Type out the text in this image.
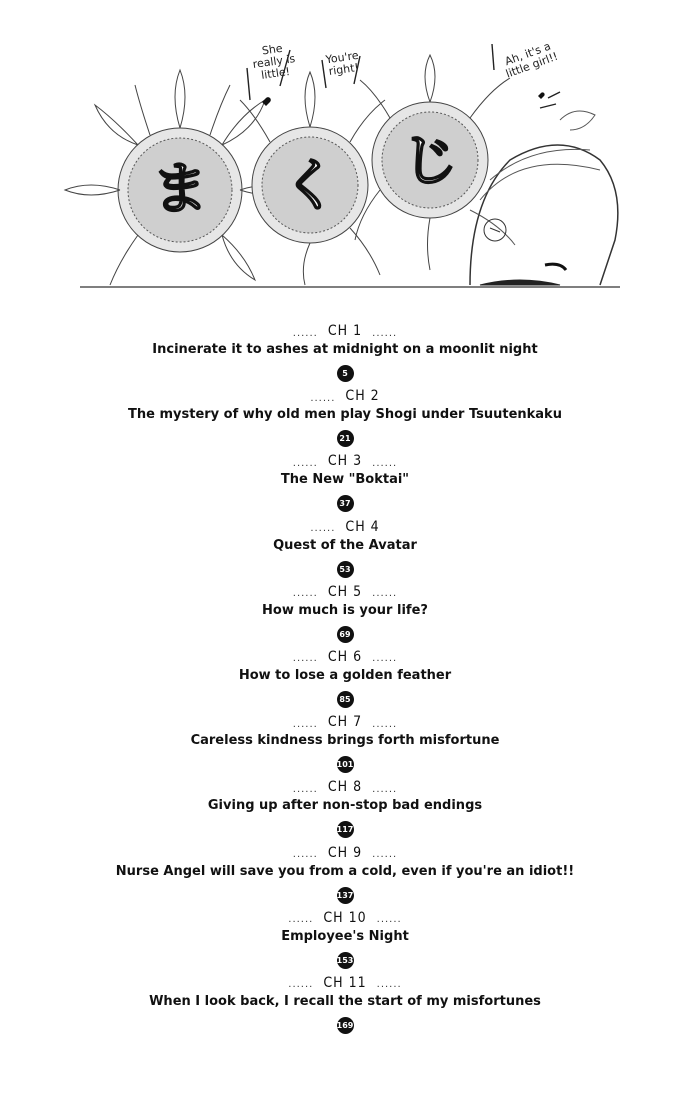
ま く じ
She really is little!
You're right!
Ah, it's a little girl!!
...... CH 1 ......
Incinerate it to ashes at midnight on a moonlit night
5
...... CH 2
The mystery of why old men play Shogi under Tsuutenkaku
21
...... CH 3 ......
The New "Boktai"
37
...... CH 4
Quest of the Avatar
53
...... CH 5 ......
How much is your life?
69
...... CH 6 ......
How to lose a golden feather
85
...... CH 7 ......
Careless kindness brings forth misfortune
101
...... CH 8 ......
Giving up after non-stop bad endings
117
...... CH 9 ......
Nurse Angel will save you from a cold, even if you're an idiot!!
137
...... CH 10 ......
Employee's Night
153
...... CH 11 ......
When I look back, I recall the start of my misfortunes
169
